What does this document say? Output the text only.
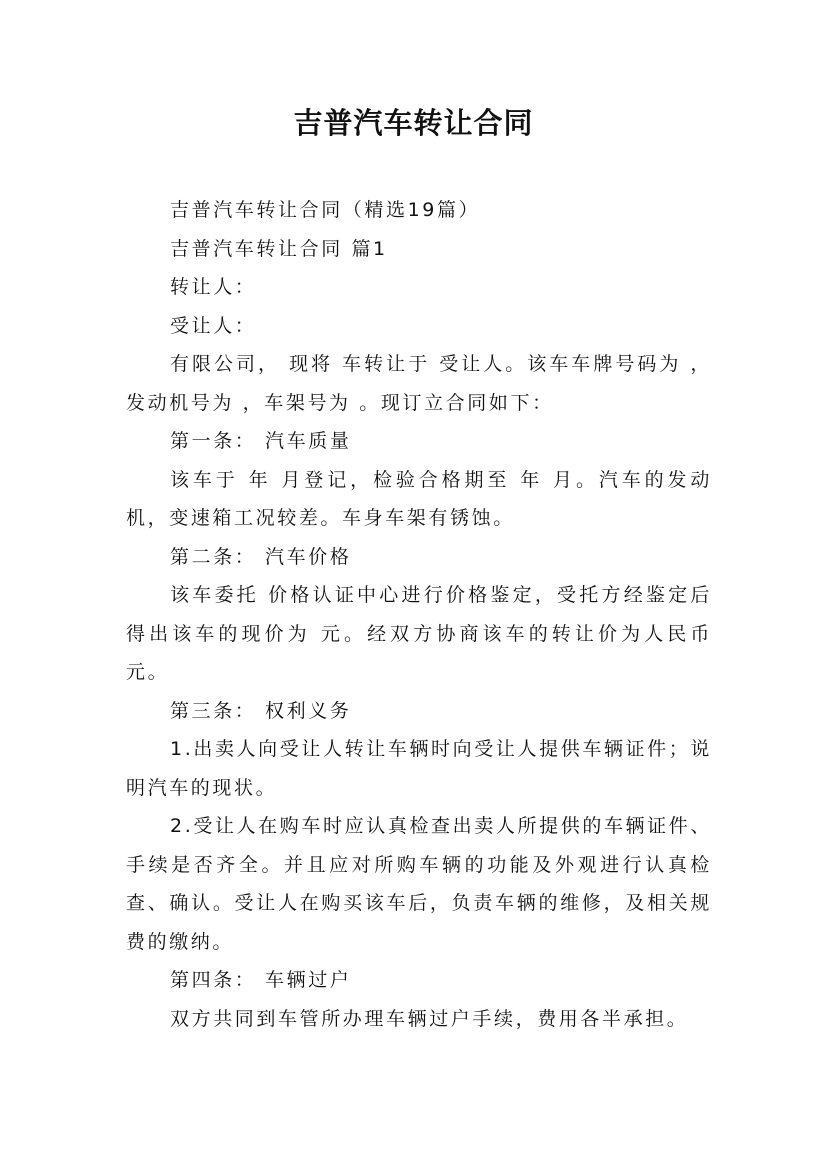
吉普汽车转让合同

吉普汽车转让合同（精选19篇）

吉普汽车转让合同 篇1

转让人：

受让人：

有限公司， 现将 车转让于 受让人。该车车牌号码为 ，发动机号为 ，车架号为 。现订立合同如下：

第一条： 汽车质量

该车于 年 月登记，检验合格期至 年 月。汽车的发动机，变速箱工况较差。车身车架有锈蚀。

第二条： 汽车价格

该车委托 价格认证中心进行价格鉴定，受托方经鉴定后得出该车的现价为 元。经双方协商该车的转让价为人民币 元。

第三条： 权利义务

1.出卖人向受让人转让车辆时向受让人提供车辆证件；说明汽车的现状。

2.受让人在购车时应认真检查出卖人所提供的车辆证件、手续是否齐全。并且应对所购车辆的功能及外观进行认真检查、确认。受让人在购买该车后，负责车辆的维修，及相关规费的缴纳。

第四条： 车辆过户

双方共同到车管所办理车辆过户手续，费用各半承担。
